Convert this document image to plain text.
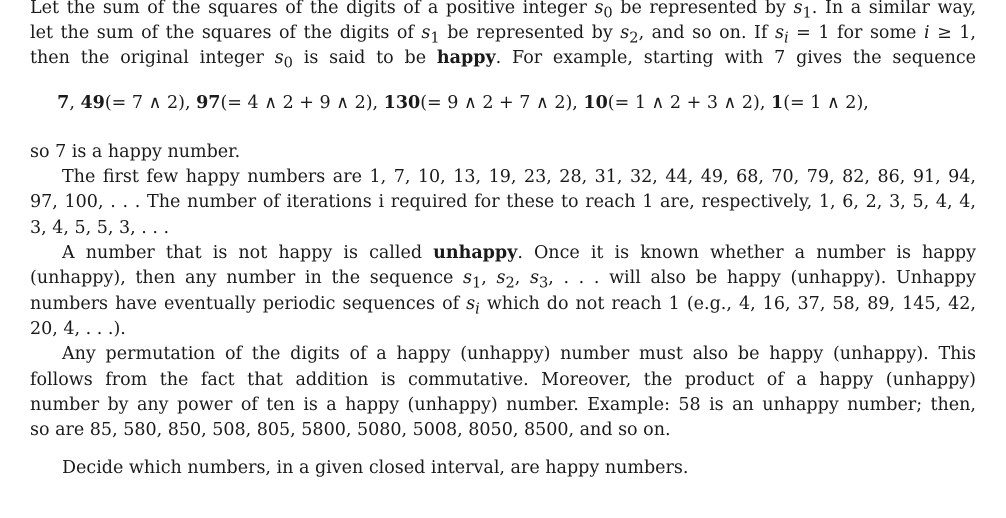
Let the sum of the squares of the digits of a positive integer $s_0$ be represented by $s_1$. In a similar way,
let the sum of the squares of the digits of $s_1$ be represented by $s_2$, and so on. If $s_i = 1$ for some i ≥ 1,
then the original integer $s_0$ is said to be happy. For example, starting with 7 gives the sequence
7, 49(= 7 ∧ 2), 97(= 4 ∧ 2 + 9 ∧ 2), 130(= 9 ∧ 2 + 7 ∧ 2), 10(= 1 ∧ 2 + 3 ∧ 2), 1(= 1 ∧ 2),
so 7 is a happy number.
The first few happy numbers are 1, 7, 10, 13, 19, 23, 28, 31, 32, 44, 49, 68, 70, 79, 82, 86, 91, 94,
97, 100, . . . The number of iterations i required for these to reach 1 are, respectively, 1, 6, 2, 3, 5, 4, 4,
3, 4, 5, 5, 3, . . .
A number that is not happy is called unhappy. Once it is known whether a number is happy
(unhappy), then any number in the sequence $s_1$, $s_2$, $s_3$, . . . will also be happy (unhappy). Unhappy
numbers have eventually periodic sequences of $s_i$ which do not reach 1 (e.g., 4, 16, 37, 58, 89, 145, 42,
20, 4, . . .).
Any permutation of the digits of a happy (unhappy) number must also be happy (unhappy). This
follows from the fact that addition is commutative. Moreover, the product of a happy (unhappy)
number by any power of ten is a happy (unhappy) number. Example: 58 is an unhappy number; then,
so are 85, 580, 850, 508, 805, 5800, 5080, 5008, 8050, 8500, and so on.
Decide which numbers, in a given closed interval, are happy numbers.
